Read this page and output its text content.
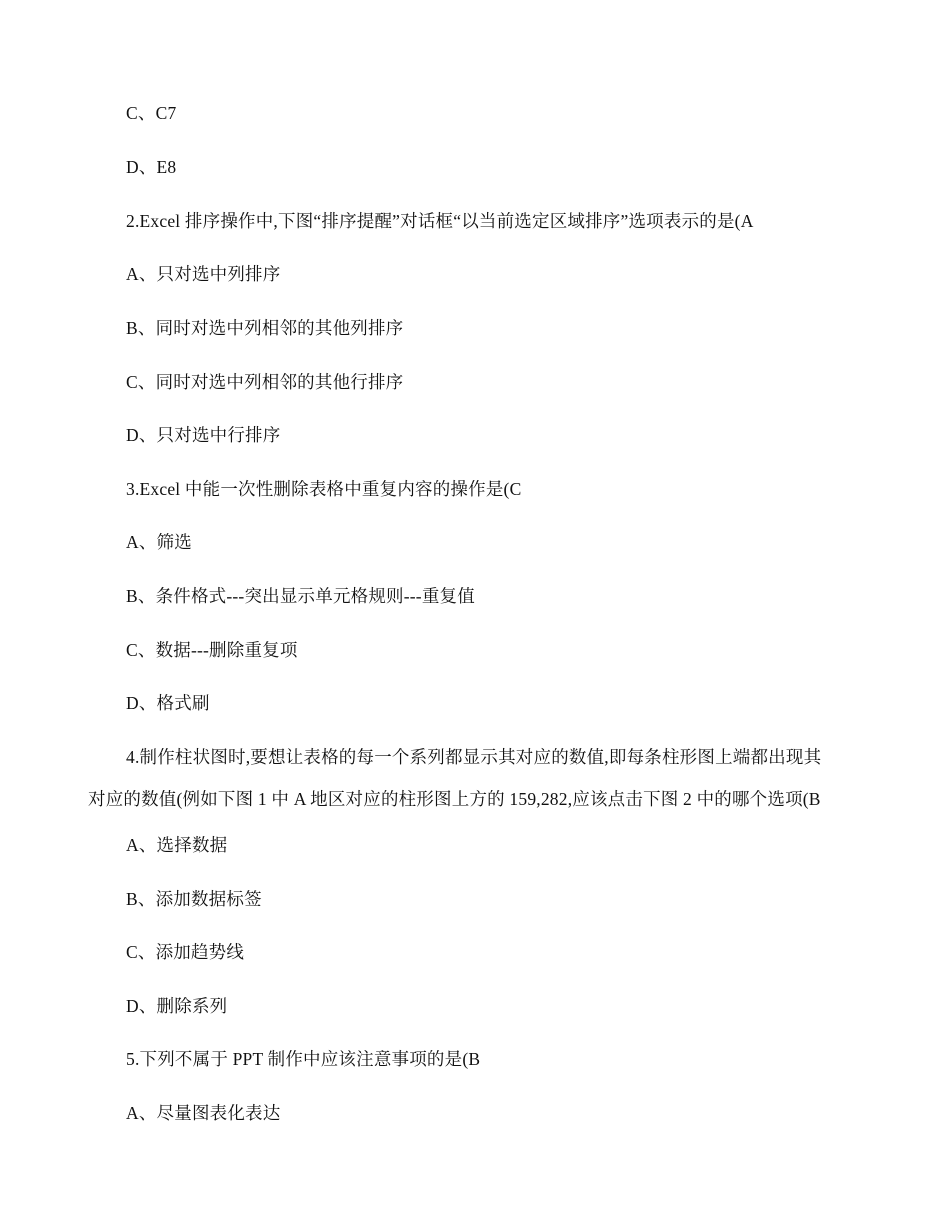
C、C7
D、E8
2.Excel 排序操作中,下图“排序提醒”对话框“以当前选定区域排序”选项表示的是(A
A、只对选中列排序
B、同时对选中列相邻的其他列排序
C、同时对选中列相邻的其他行排序
D、只对选中行排序
3.Excel 中能一次性删除表格中重复内容的操作是(C
A、筛选
B、条件格式---突出显示单元格规则---重复值
C、数据---删除重复项
D、格式刷
4.制作柱状图时,要想让表格的每一个系列都显示其对应的数值,即每条柱形图上端都出现其
对应的数值(例如下图 1 中 A 地区对应的柱形图上方的 159,282,应该点击下图 2 中的哪个选项(B
A、选择数据
B、添加数据标签
C、添加趋势线
D、删除系列
5.下列不属于 PPT 制作中应该注意事项的是(B
A、尽量图表化表达
